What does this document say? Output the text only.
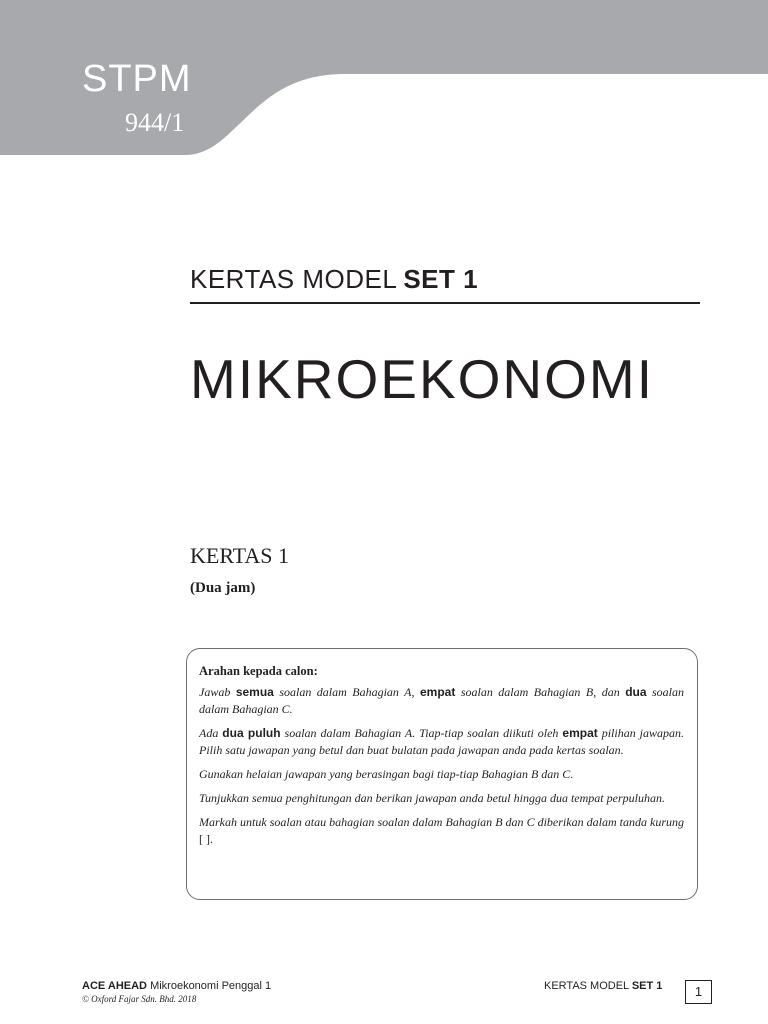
STPM
944/1
KERTAS MODEL SET 1
MIKROEKONOMI
KERTAS 1
(Dua jam)
Arahan kepada calon:

Jawab semua soalan dalam Bahagian A, empat soalan dalam Bahagian B, dan dua soalan dalam Bahagian C.

Ada dua puluh soalan dalam Bahagian A. Tiap-tiap soalan diikuti oleh empat pilihan jawapan. Pilih satu jawapan yang betul dan buat bulatan pada jawapan anda pada kertas soalan.

Gunakan helaian jawapan yang berasingan bagi tiap-tiap Bahagian B dan C.

Tunjukkan semua penghitungan dan berikan jawapan anda betul hingga dua tempat perpuluhan.

Markah untuk soalan atau bahagian soalan dalam Bahagian B dan C diberikan dalam tanda kurung [ ].

ACE AHEAD Mikroekonomi Penggal 1
© Oxford Fajar Sdn. Bhd. 2018
KERTAS MODEL SET 1	1
